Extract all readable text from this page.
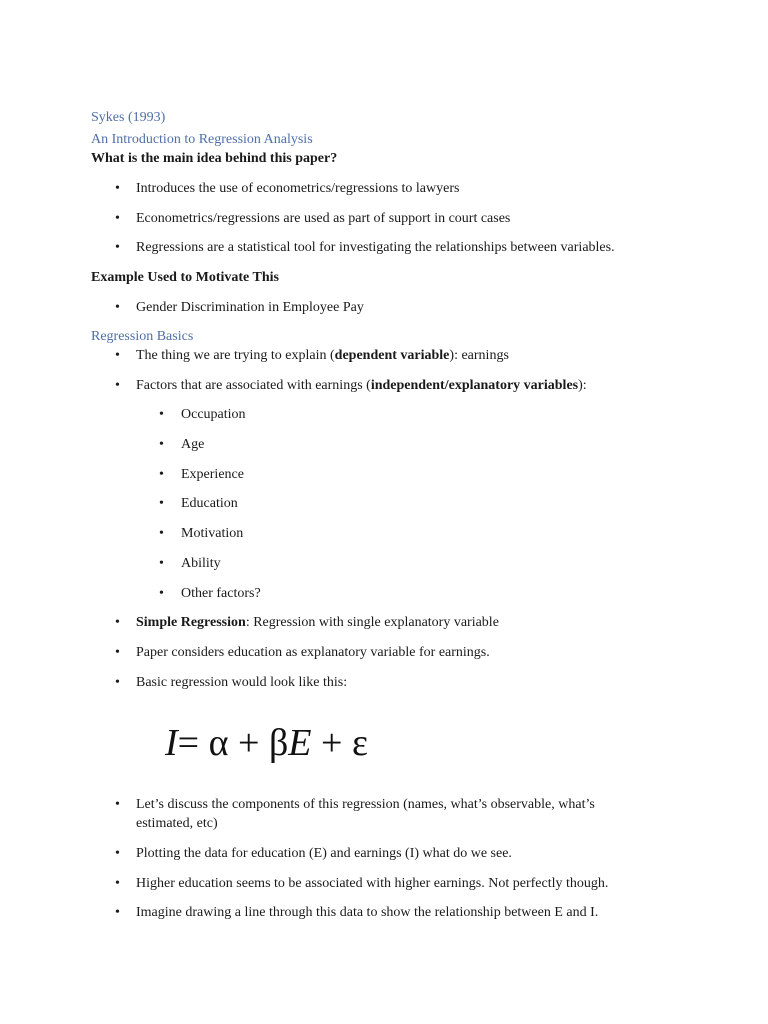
Sykes (1993)
An Introduction to Regression Analysis
What is the main idea behind this paper?
• Introduces the use of econometrics/regressions to lawyers
• Econometrics/regressions are used as part of support in court cases
• Regressions are a statistical tool for investigating the relationships between variables.
Example Used to Motivate This
• Gender Discrimination in Employee Pay
Regression Basics
• The thing we are trying to explain (dependent variable): earnings
• Factors that are associated with earnings (independent/explanatory variables):
• Occupation
• Age
• Experience
• Education
• Motivation
• Ability
• Other factors?
• Simple Regression: Regression with single explanatory variable
• Paper considers education as explanatory variable for earnings.
• Basic regression would look like this:
I= α + βE + ε
• Let’s discuss the components of this regression (names, what’s observable, what’s
estimated, etc)
• Plotting the data for education (E) and earnings (I) what do we see.
• Higher education seems to be associated with higher earnings. Not perfectly though.
• Imagine drawing a line through this data to show the relationship between E and I.
